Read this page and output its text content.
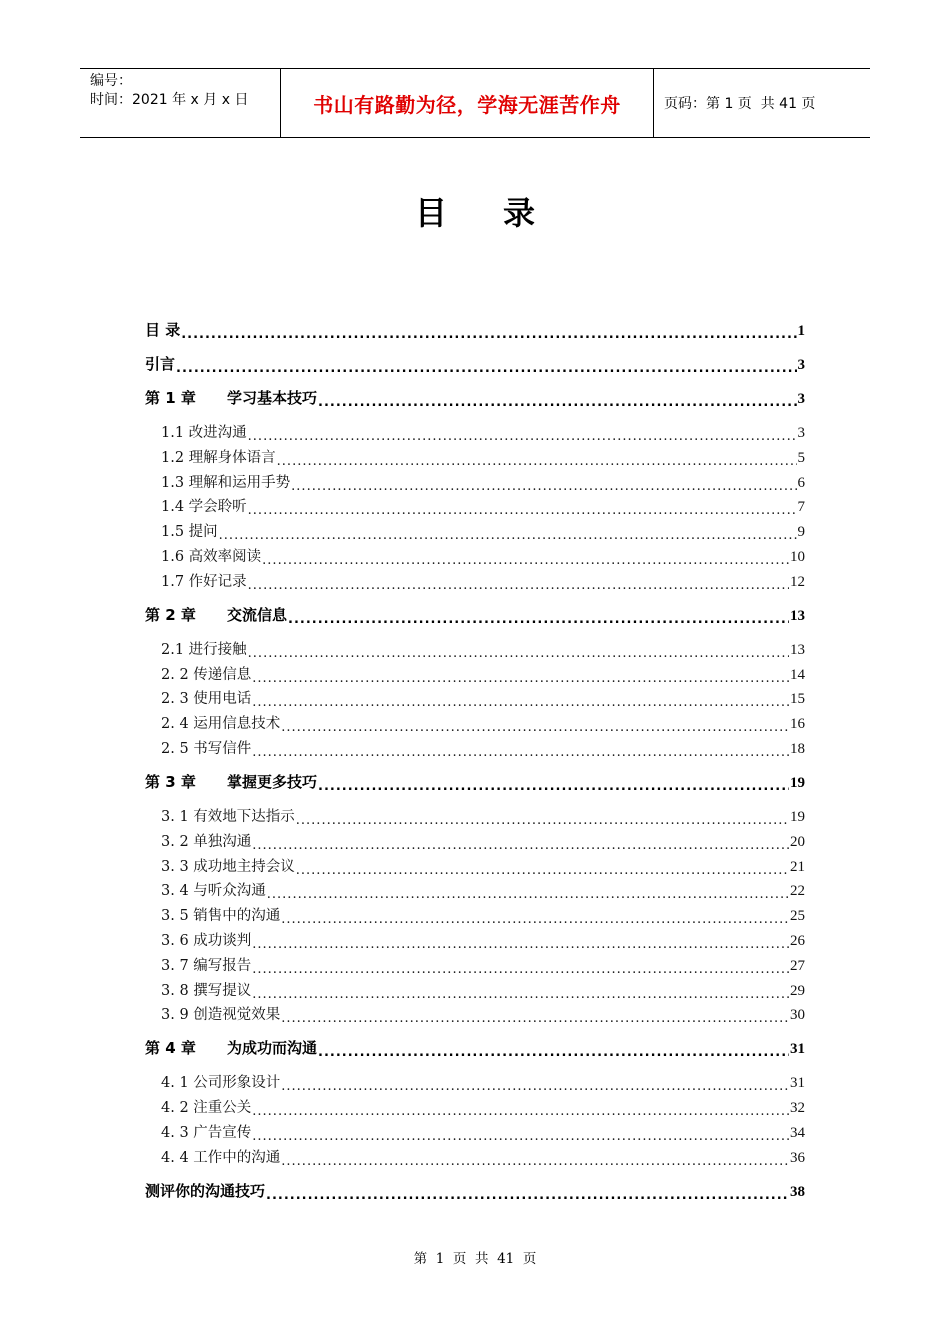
编号：
时间：2021 年 x 月 x 日	书山有路勤为径，学海无涯苦作舟	页码：第 1 页  共 41 页
目录
目 录 .....	1
引言 .....	3
第 1 章 学习基本技巧 .....	3
1.1 改进沟通 .....	3
1.2 理解身体语言 .....	5
1.3 理解和运用手势 .....	6
1.4 学会聆听 .....	7
1.5 提问 .....	9
1.6 高效率阅读 .....	10
1.7 作好记录 .....	12
第 2 章 交流信息 .....	13
2.1 进行接触 .....	13
2. 2 传递信息 .....	14
2. 3 使用电话 .....	15
2. 4 运用信息技术 .....	16
2. 5 书写信件 .....	18
第 3 章 掌握更多技巧 .....	19
3. 1 有效地下达指示 .....	19
3. 2 单独沟通 .....	20
3. 3 成功地主持会议 .....	21
3. 4 与听众沟通 .....	22
3. 5 销售中的沟通 .....	25
3. 6 成功谈判 .....	26
3. 7 编写报告 .....	27
3. 8 撰写提议 .....	29
3. 9 创造视觉效果 .....	30
第 4 章 为成功而沟通 .....	31
4. 1 公司形象设计 .....	31
4. 2 注重公关 .....	32
4. 3 广告宣传 .....	34
4. 4 工作中的沟通 .....	36
测评你的沟通技巧 .....	38
第  1  页  共  41  页
